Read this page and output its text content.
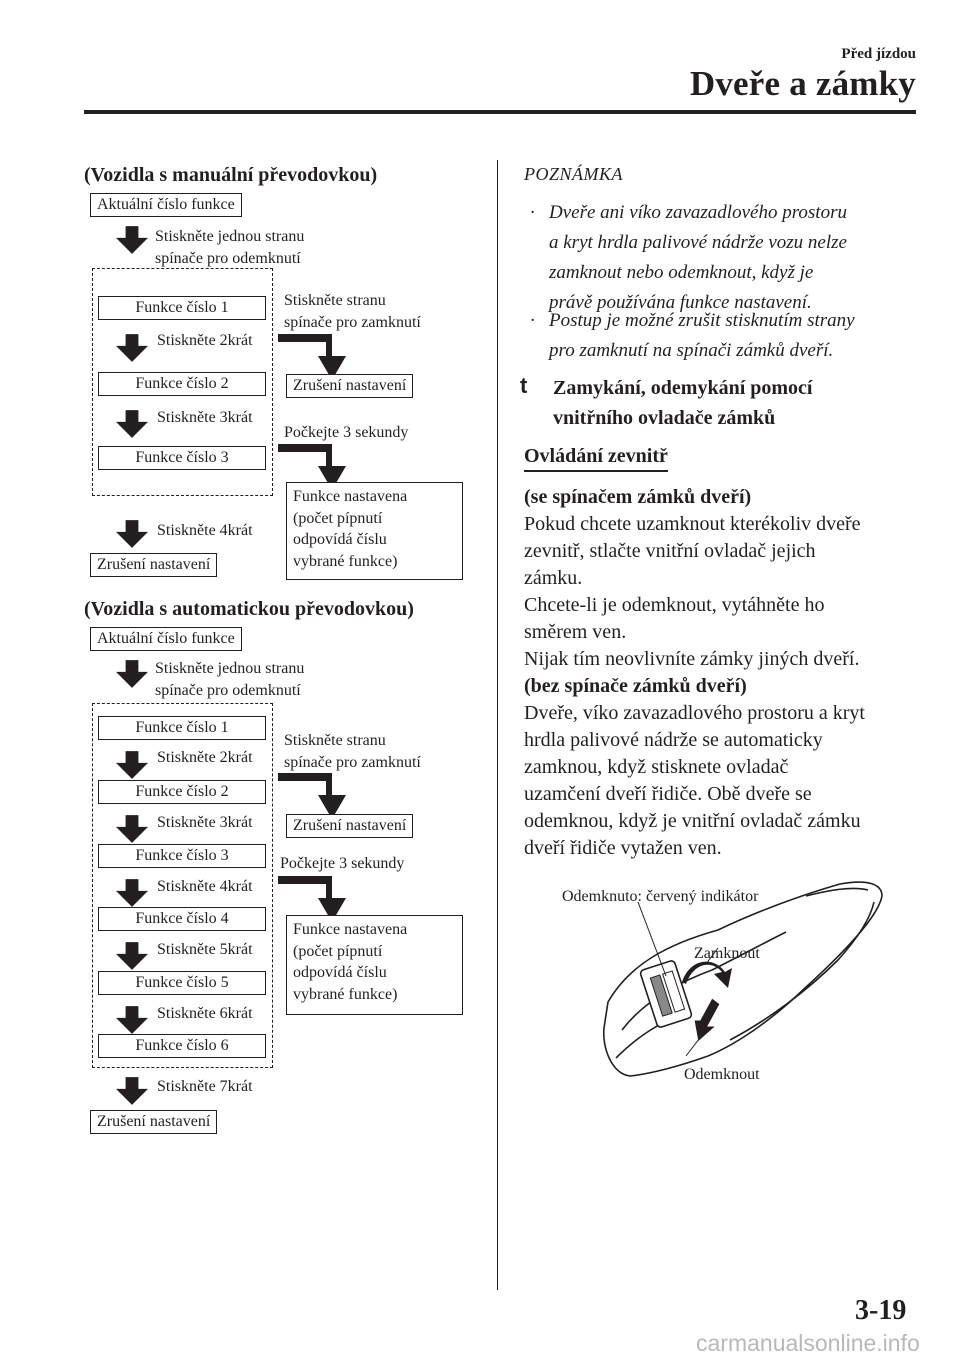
Před jízdou
Dveře a zámky
(Vozidla s manuální převodovkou)
Aktuální číslo funkce
Stiskněte jednou stranu
spínače pro odemknutí
Funkce číslo 1
Stiskněte 2krát
Funkce číslo 2
Stiskněte 3krát
Funkce číslo 3
Stiskněte 4krát
Zrušení nastavení
Stiskněte stranu
spínače pro zamknutí
Zrušení nastavení
Počkejte 3 sekundy
Funkce nastavena
(počet pípnutí
odpovídá číslu
vybrané funkce)
(Vozidla s automatickou převodovkou)
Aktuální číslo funkce
Stiskněte jednou stranu
spínače pro odemknutí
Funkce číslo 1
Stiskněte 2krát
Funkce číslo 2
Stiskněte 3krát
Funkce číslo 3
Stiskněte 4krát
Funkce číslo 4
Stiskněte 5krát
Funkce číslo 5
Stiskněte 6krát
Funkce číslo 6
Stiskněte 7krát
Zrušení nastavení
Stiskněte stranu
spínače pro zamknutí
Zrušení nastavení
Počkejte 3 sekundy
Funkce nastavena
(počet pípnutí
odpovídá číslu
vybrané funkce)
POZNÁMKA
· Dveře ani víko zavazadlového prostoru
a kryt hrdla palivové nádrže vozu nelze
zamknout nebo odemknout, když je
právě používána funkce nastavení.
· Postup je možné zrušit stisknutím strany
pro zamknutí na spínači zámků dveří.
t Zamykání, odemykání pomocí
vnitřního ovladače zámků
Ovládání zevnitř
(se spínačem zámků dveří)
Pokud chcete uzamknout kterékoliv dveře
zevnitř, stlačte vnitřní ovladač jejich
zámku.
Chcete-li je odemknout, vytáhněte ho
směrem ven.
Nijak tím neovlivníte zámky jiných dveří.
(bez spínače zámků dveří)
Dveře, víko zavazadlového prostoru a kryt
hrdla palivové nádrže se automaticky
zamknou, když stisknete ovladač
uzamčení dveří řidiče. Obě dveře se
odemknou, když je vnitřní ovladač zámku
dveří řidiče vytažen ven.
Odemknuto: červený indikátor
Zamknout
Odemknout
3-19
carmanualsonline.info
